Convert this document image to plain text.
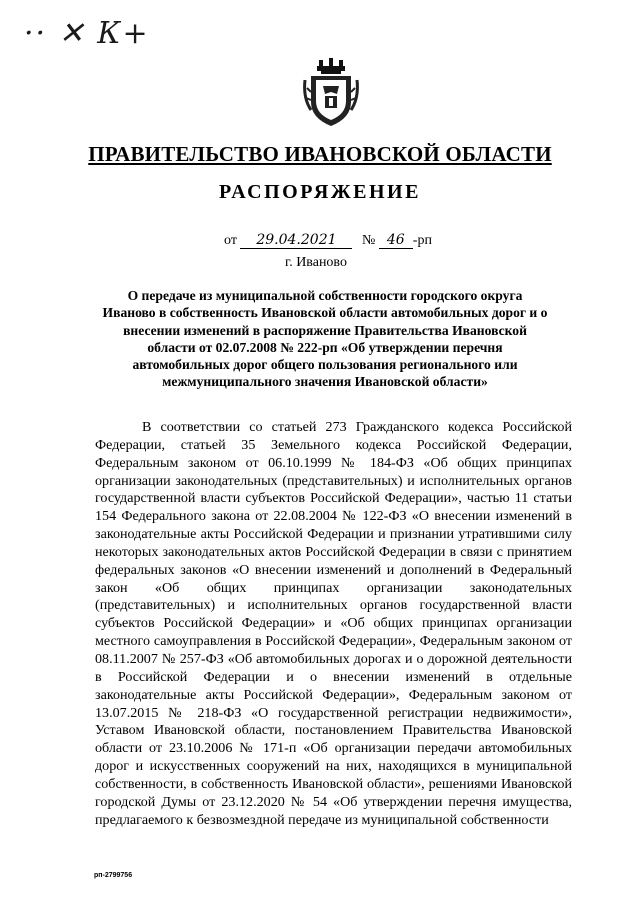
·· ✕ К+
ПРАВИТЕЛЬСТВО ИВАНОВСКОЙ ОБЛАСТИ
РАСПОРЯЖЕНИЕ
от 29.04.2021 № 46 -рп
г. Иваново
О передаче из муниципальной собственности городского округа Иваново в собственность Ивановской области автомобильных дорог и о внесении изменений в распоряжение Правительства Ивановской области от 02.07.2008 № 222-рп «Об утверждении перечня автомобильных дорог общего пользования регионального или межмуниципального значения Ивановской области»

В соответствии со статьей 273 Гражданского кодекса Российской Федерации, статьей 35 Земельного кодекса Российской Федерации, Федеральным законом от 06.10.1999 № 184-ФЗ «Об общих принципах организации законодательных (представительных) и исполнительных органов государственной власти субъектов Российской Федерации», частью 11 статьи 154 Федерального закона от 22.08.2004 № 122-ФЗ «О внесении изменений в законодательные акты Российской Федерации и признании утратившими силу некоторых законодательных актов Российской Федерации в связи с принятием федеральных законов «О внесении изменений и дополнений в Федеральный закон «Об общих принципах организации законодательных (представительных) и исполнительных органов государственной власти субъектов Российской Федерации» и «Об общих принципах организации местного самоуправления в Российской Федерации», Федеральным законом от 08.11.2007 № 257-ФЗ «Об автомобильных дорогах и о дорожной деятельности в Российской Федерации и о внесении изменений в отдельные законодательные акты Российской Федерации», Федеральным законом от 13.07.2015 № 218-ФЗ «О государственной регистрации недвижимости», Уставом Ивановской области, постановлением Правительства Ивановской области от 23.10.2006 № 171-п «Об организации передачи автомобильных дорог и искусственных сооружений на них, находящихся в муниципальной собственности, в собственность Ивановской области», решениями Ивановской городской Думы от 23.12.2020 № 54 «Об утверждении перечня имущества, предлагаемого к безвозмездной передаче из муниципальной собственности

рп-2799756
